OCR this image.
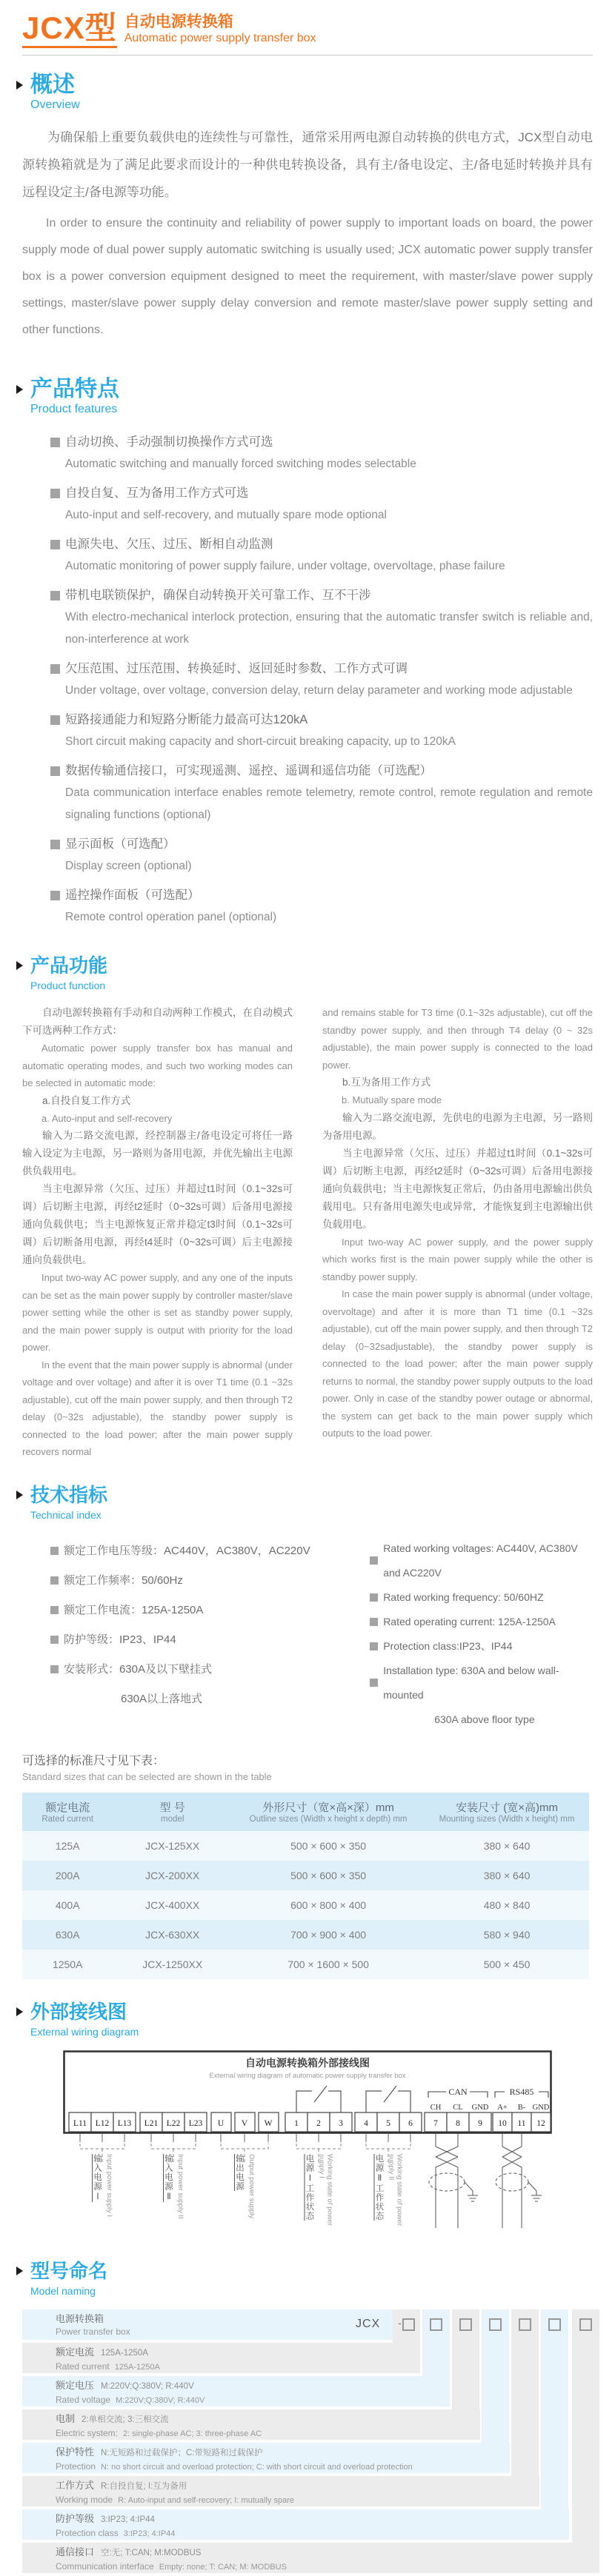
JCX型 自动电源转换箱
Automatic power supply transfer box
概述
Overview

为确保船上重要负载供电的连续性与可靠性，通常采用两电源自动转换的供电方式，JCX型自动电源转换箱就是为了满足此要求而设计的一种供电转换设备，具有主/备电设定、主/备电延时转换并具有远程设定主/备电源等功能。

In order to ensure the continuity and reliability of power supply to important loads on board, the power supply mode of dual power supply automatic switching is usually used; JCX automatic power supply transfer box is a power conversion equipment designed to meet the requirement, with master/slave power supply settings, master/slave power supply delay conversion and remote master/slave power supply setting and other functions.

产品特点
Product features
自动切换、手动强制切换操作方式可选
Automatic switching and manually forced switching modes selectable
自投自复、互为备用工作方式可选
Auto-input and self-recovery, and mutually spare mode optional
电源失电、欠压、过压、断相自动监测
Automatic monitoring of power supply failure, under voltage, overvoltage, phase failure
带机电联锁保护，确保自动转换开关可靠工作、互不干涉
With electro-mechanical interlock protection, ensuring that the automatic transfer switch is reliable and, non-interference at work
欠压范围、过压范围、转换延时、返回延时参数、工作方式可调
Under voltage, over voltage, conversion delay, return delay parameter and working mode adjustable
短路接通能力和短路分断能力最高可达120kA
Short circuit making capacity and short-circuit breaking capacity, up to 120kA
数据传输通信接口，可实现遥测、遥控、遥调和遥信功能（可选配）
Data communication interface enables remote telemetry, remote control, remote regulation and remote signaling functions (optional)
显示面板（可选配）
Display screen (optional)
遥控操作面板（可选配）
Remote control operation panel (optional)
产品功能
Product function

自动电源转换箱有手动和自动两种工作模式，在自动模式下可选两种工作方式：

Automatic power supply transfer box has manual and automatic operating modes, and such two working modes can be selected in automatic mode:

a.自投自复工作方式

a. Auto-input and self-recovery

输入为二路交流电源，经控制器主/备电设定可将任一路输入设定为主电源，另一路则为备用电源，并优先输出主电源供负载用电。

当主电源异常（欠压、过压）并超过t1时间（0.1~32s可调）后切断主电源，再经t2延时（0~32s可调）后备用电源接通向负载供电；当主电源恢复正常并稳定t3时间（0.1~32s可调）后切断备用电源，再经t4延时（0~32s可调）后主电源接通向负载供电。

Input two-way AC power supply, and any one of the inputs can be set as the main power supply by controller master/slave power setting while the other is set as standby power supply, and the main power supply is output with priority for the load power.

In the event that the main power supply is abnormal (under voltage and over voltage) and after it is over T1 time (0.1 ~32s adjustable), cut off the main power supply, and then through T2 delay (0~32s adjustable), the standby power supply is connected to the load power; after the main power supply recovers normal

and remains stable for T3 time (0.1~32s adjustable), cut off the standby power supply, and then through T4 delay (0 ~ 32s adjustable), the main power supply is connected to the load power.

b.互为备用工作方式

b. Mutually spare mode

输入为二路交流电源，先供电的电源为主电源，另一路则为备用电源。

当主电源异常（欠压、过压）并超过t1时间（0.1~32s可调）后切断主电源，再经t2延时（0~32s可调）后备用电源接通向负载供电；当主电源恢复正常后，仍由备用电源输出供负载用电。只有备用电源失电或异常，才能恢复到主电源输出供负载用电。

Input two-way AC power supply, and the power supply which works first is the main power supply while the other is standby power supply.

In case the main power supply is abnormal (under voltage, overvoltage) and after it is more than T1 time (0.1 ~32s adjustable), cut off the main power supply, and then through T2 delay (0~32sadjustable), the standby power supply is connected to the load power; after the main power supply returns to normal, the standby power supply outputs to the load power. Only in case of the standby power outage or abnormal, the system can get back to the main power supply which outputs to the load power.

技术指标
Technical index
额定工作电压等级：AC440V，AC380V，AC220V
额定工作频率：50/60Hz
额定工作电流：125A-1250A
防护等级：IP23、IP44
安装形式：630A及以下壁挂式
630A以上落地式
Rated working voltages: AC440V, AC380V and AC220V
Rated working frequency: 50/60HZ
Rated operating current: 125A-1250A
Protection class:IP23、IP44
Installation type: 630A and below wall-mounted
630A above floor type
可选择的标准尺寸见下表：
Standard sizes that can be selected are shown in the table
额定电流
Rated current

型 号
model

外形尺寸（宽×高×深）mm
Outline sizes (Width x height x depth) mm

安装尺寸 (宽×高)mm
Mounting sizes (Width x height) mm

125A	JCX-125XX	500 × 600 × 350	380 × 640
200A	JCX-200XX	500 × 600 × 350	380 × 640
400A	JCX-400XX	600 × 800 × 400	480 × 840
630A	JCX-630XX	700 × 900 × 400	580 × 940
1250A	JCX-1250XX	700 × 1600 × 500	500 × 450
外部接线图
External wiring diagram
自动电源转换箱外部接线图
External wiring diagram of automatic power supply transfer box
CAN	RS485
CH CL GND A+ B- GND
L11 L12 L13 L21 L22 L23 U V W	1 2 3 4 5 6 7 8 9 10 11 12
输入电源Ⅰ Input power supply I	输入电源Ⅱ Input power supply II	输出电源 Output power supply	电源Ⅰ工作状态	Working state of power supply I	电源Ⅱ工作状态	Working state of power supply II
型号命名
Model naming
电源转换箱
Power transfer box
额定电流 125A-1250A
Rated current 125A-1250A
额定电压 M:220V;Q:380V; R:440V
Rated voltage M:220V;Q:380V; R:440V
电制 2:单相交流; 3:三相交流
Electric system: 2: single-phase AC; 3: three-phase AC
保护特性 N:无短路和过载保护；C:带短路和过载保护
Protection N: no short circuit and overload protection; C: with short circuit and overload protection
工作方式 R:自投自复; I:互为备用
Working mode R: Auto-input and self-recovery; I: mutually spare
防护等级 3:IP23; 4:IP44
Protection class 3:IP23; 4:IP44
通信接口 空:无; T:CAN; M:MODBUS
Communication interface Empty: none; T: CAN; M: MODBUS
JCX -
